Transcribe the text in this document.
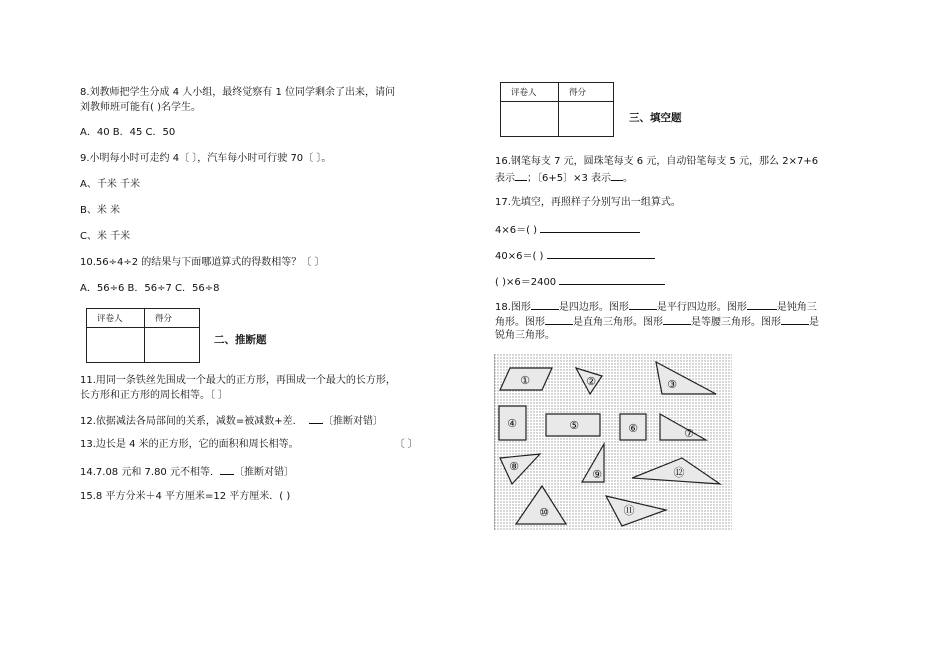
8.刘教师把学生分成 4 人小组，最终觉察有 1 位同学剩余了出来，请问
刘教师班可能有( )名学生。
A．40 B．45 C．50
9.小明每小时可走约 4〔 〕，汽车每小时可行驶 70〔 〕。
A、千米 千米
B、米 米
C、米 千米
10.56÷4÷2 的结果与下面哪道算式的得数相等？〔 〕
A．56÷6 B．56÷7 C．56÷8
评卷人	得分

二、推断题
11.用同一条铁丝先围成一个最大的正方形，再围成一个最大的长方形，
长方形和正方形的周长相等。〔 〕
12.依据减法各局部间的关系，减数=被减数+差． 〔推断对错〕
13.边长是 4 米的正方形，它的面积和周长相等。	〔 〕
14.7.08 元和 7.80 元不相等． 〔推断对错〕
15.8 平方分米＋4 平方厘米=12 平方厘米．( )
评卷人	得分

三、填空题
16.钢笔每支 7 元，圆珠笔每支 6 元，自动铅笔每支 5 元，那么 2×7+6
表示 ；〔6+5〕×3 表示 。
17.先填空，再照样子分别写出一组算式。
4×6＝( )
40×6＝( )
( )×6＝2400
18.图形	是四边形。图形	是平行四边形。图形	是钝角三
角形。图形	是直角三角形。图形	是等腰三角形。图形	是
锐角三角形。
①	②	③
④	⑤	⑥	⑦
⑧
⑨
⑩	⑪
⑫
